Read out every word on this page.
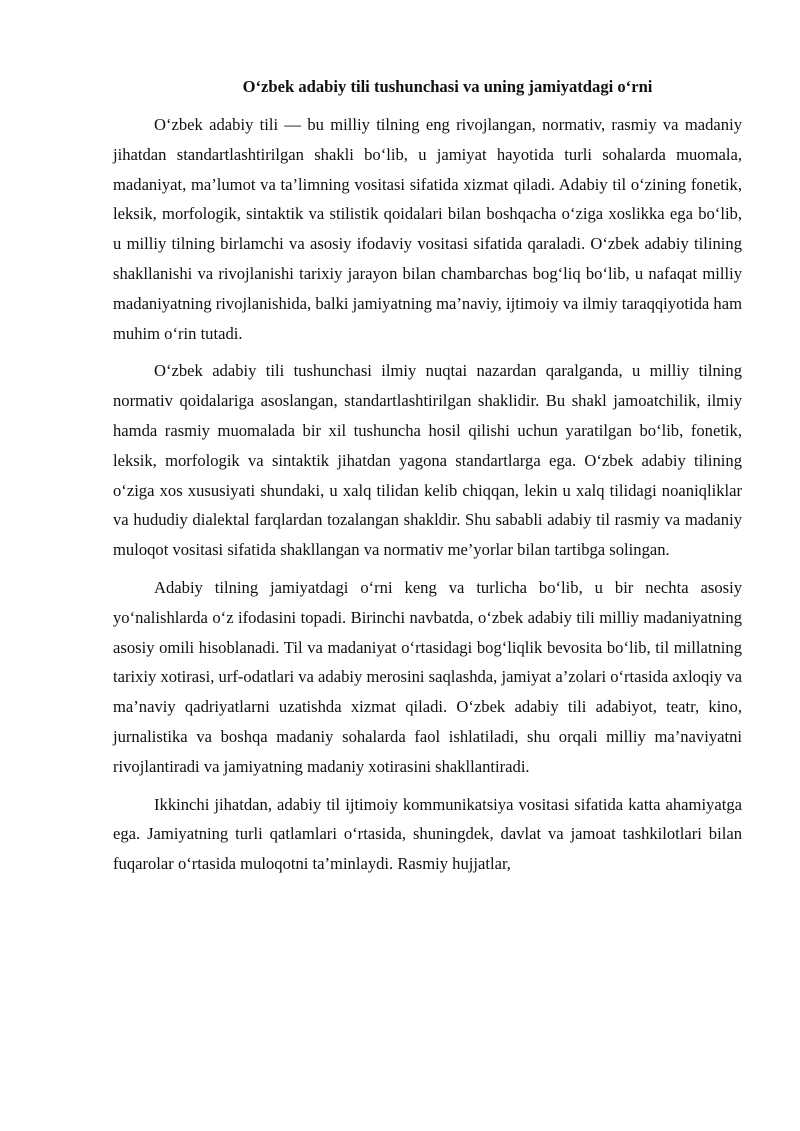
O‘zbek adabiy tili tushunchasi va uning jamiyatdagi o‘rni

O‘zbek adabiy tili — bu milliy tilning eng rivojlangan, normativ, rasmiy va madaniy jihatdan standartlashtirilgan shakli bo‘lib, u jamiyat hayotida turli sohalarda muomala, madaniyat, ma’lumot va ta’limning vositasi sifatida xizmat qiladi. Adabiy til o‘zining fonetik, leksik, morfologik, sintaktik va stilistik qoidalari bilan boshqacha o‘ziga xoslikka ega bo‘lib, u milliy tilning birlamchi va asosiy ifodaviy vositasi sifatida qaraladi. O‘zbek adabiy tilining shakllanishi va rivojlanishi tarixiy jarayon bilan chambarchas bog‘liq bo‘lib, u nafaqat milliy madaniyatning rivojlanishida, balki jamiyatning ma’naviy, ijtimoiy va ilmiy taraqqiyotida ham muhim o‘rin tutadi.

O‘zbek adabiy tili tushunchasi ilmiy nuqtai nazardan qaralganda, u milliy tilning normativ qoidalariga asoslangan, standartlashtirilgan shaklidir. Bu shakl jamoatchilik, ilmiy hamda rasmiy muomalada bir xil tushuncha hosil qilishi uchun yaratilgan bo‘lib, fonetik, leksik, morfologik va sintaktik jihatdan yagona standartlarga ega. O‘zbek adabiy tilining o‘ziga xos xususiyati shundaki, u xalq tilidan kelib chiqqan, lekin u xalq tilidagi noaniqliklar va hududiy dialektal farqlardan tozalangan shakldir. Shu sababli adabiy til rasmiy va madaniy muloqot vositasi sifatida shakllangan va normativ me’yorlar bilan tartibga solingan.

Adabiy tilning jamiyatdagi o‘rni keng va turlicha bo‘lib, u bir nechta asosiy yo‘nalishlarda o‘z ifodasini topadi. Birinchi navbatda, o‘zbek adabiy tili milliy madaniyatning asosiy omili hisoblanadi. Til va madaniyat o‘rtasidagi bog‘liqlik bevosita bo‘lib, til millatning tarixiy xotirasi, urf-odatlari va adabiy merosini saqlashda, jamiyat a’zolari o‘rtasida axloqiy va ma’naviy qadriyatlarni uzatishda xizmat qiladi. O‘zbek adabiy tili adabiyot, teatr, kino, jurnalistika va boshqa madaniy sohalarda faol ishlatiladi, shu orqali milliy ma’naviyatni rivojlantiradi va jamiyatning madaniy xotirasini shakllantiradi.

Ikkinchi jihatdan, adabiy til ijtimoiy kommunikatsiya vositasi sifatida katta ahamiyatga ega. Jamiyatning turli qatlamlari o‘rtasida, shuningdek, davlat va jamoat tashkilotlari bilan fuqarolar o‘rtasida muloqotni ta’minlaydi. Rasmiy hujjatlar,
